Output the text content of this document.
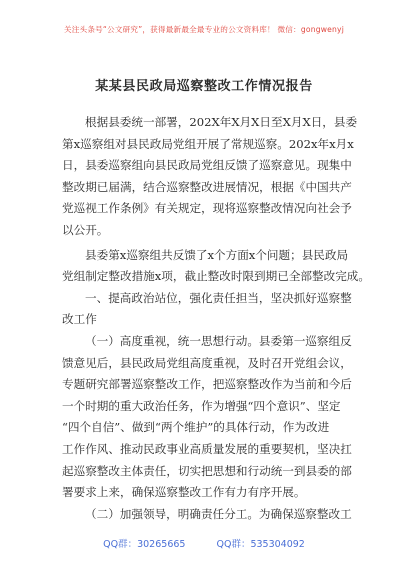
关注头条号“公文研究”，获得最新最全最专业的公文资料库！ 微信：gongwenyj
某某县民政局巡察整改工作情况报告
根据县委统一部署，202X年X月X日至X月X日，县委
第x巡察组对县民政局党组开展了常规巡察。202x年x月x
日，县委巡察组向县民政局党组反馈了巡察意见。现集中
整改期已届满，结合巡察整改进展情况，根据《中国共产
党巡视工作条例》有关规定，现将巡察整改情况向社会予
以公开。
县委第x巡察组共反馈了x个方面x个问题；县民政局
党组制定整改措施x项，截止整改时限到期已全部整改完成。
一、提高政治站位，强化责任担当，坚决抓好巡察整
改工作
（一）高度重视，统一思想行动。县委第一巡察组反
馈意见后，县民政局党组高度重视，及时召开党组会议，
专题研究部署巡察整改工作，把巡察整改作为当前和今后
一个时期的重大政治任务，作为增强“四个意识”、坚定
“四个自信”、做到“两个维护”的具体行动，作为改进
工作作风、推动民政事业高质量发展的重要契机，坚决扛
起巡察整改主体责任，切实把思想和行动统一到县委的部
署要求上来，确保巡察整改工作有力有序开展。
（二）加强领导，明确责任分工。为确保巡察整改工
QQ群：30265665	QQ群：535304092
